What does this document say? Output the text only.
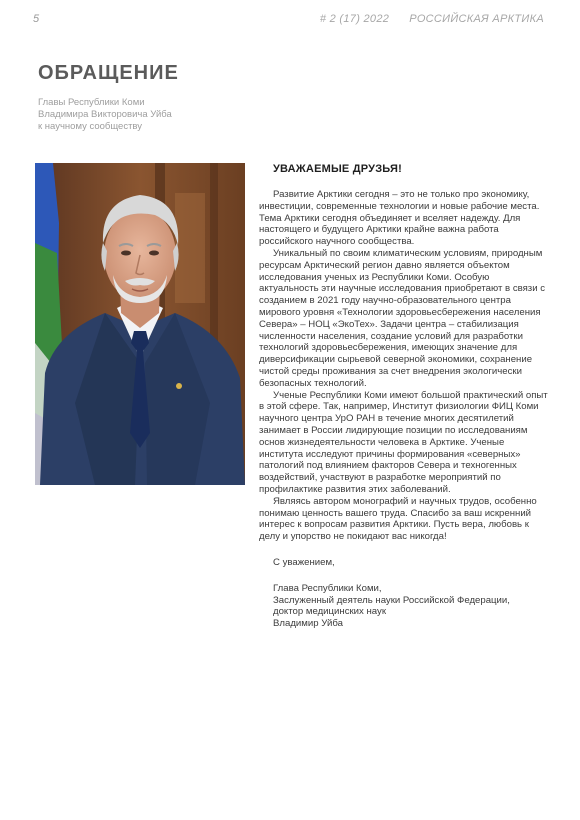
5	# 2 (17) 2022 РОССИЙСКАЯ АРКТИКА
ОБРАЩЕНИЕ
Главы Республики Коми
Владимира Викторовича Уйба
к научному сообществу
УВАЖАЕМЫЕ ДРУЗЬЯ!

Развитие Арктики сегодня – это не только про экономику, инвестиции, современные технологии и новые рабочие места. Тема Арктики сегодня объединяет и вселяет надежду. Для настоящего и будущего Арктики крайне важна работа российского научного сообщества.

Уникальный по своим климатическим условиям, природным ресурсам Арктический регион давно является объектом исследования ученых из Республики Коми. Особую актуальность эти научные исследования приобретают в связи с созданием в 2021 году научно-образовательного центра мирового уровня «Технологии здоровьесбережения населения Севера» – НОЦ «ЭкоТех». Задачи центра – стабилизация численности населения, создание условий для разработки технологий здоровьесбережения, имеющих значение для диверсификации сырьевой северной экономики, сохранение чистой среды проживания за счет внедрения экологически безопасных технологий.

Ученые Республики Коми имеют большой практический опыт в этой сфере. Так, например, Институт физиологии ФИЦ Коми научного центра УрО РАН в течение многих десятилетий занимает в России лидирующие позиции по исследованиям основ жизнедеятельности человека в Арктике. Ученые института исследуют причины формирования «северных» патологий под влиянием факторов Севера и техногенных воздействий, участвуют в разработке мероприятий по профилактике развития этих заболеваний.

Являясь автором монографий и научных трудов, особенно понимаю ценность вашего труда. Спасибо за ваш искренний интерес к вопросам развития Арктики. Пусть вера, любовь к делу и упорство не покидают вас никогда!

С уважением,
Глава Республики Коми,
Заслуженный деятель науки Российской Федерации,
доктор медицинских наук
Владимир Уйба
